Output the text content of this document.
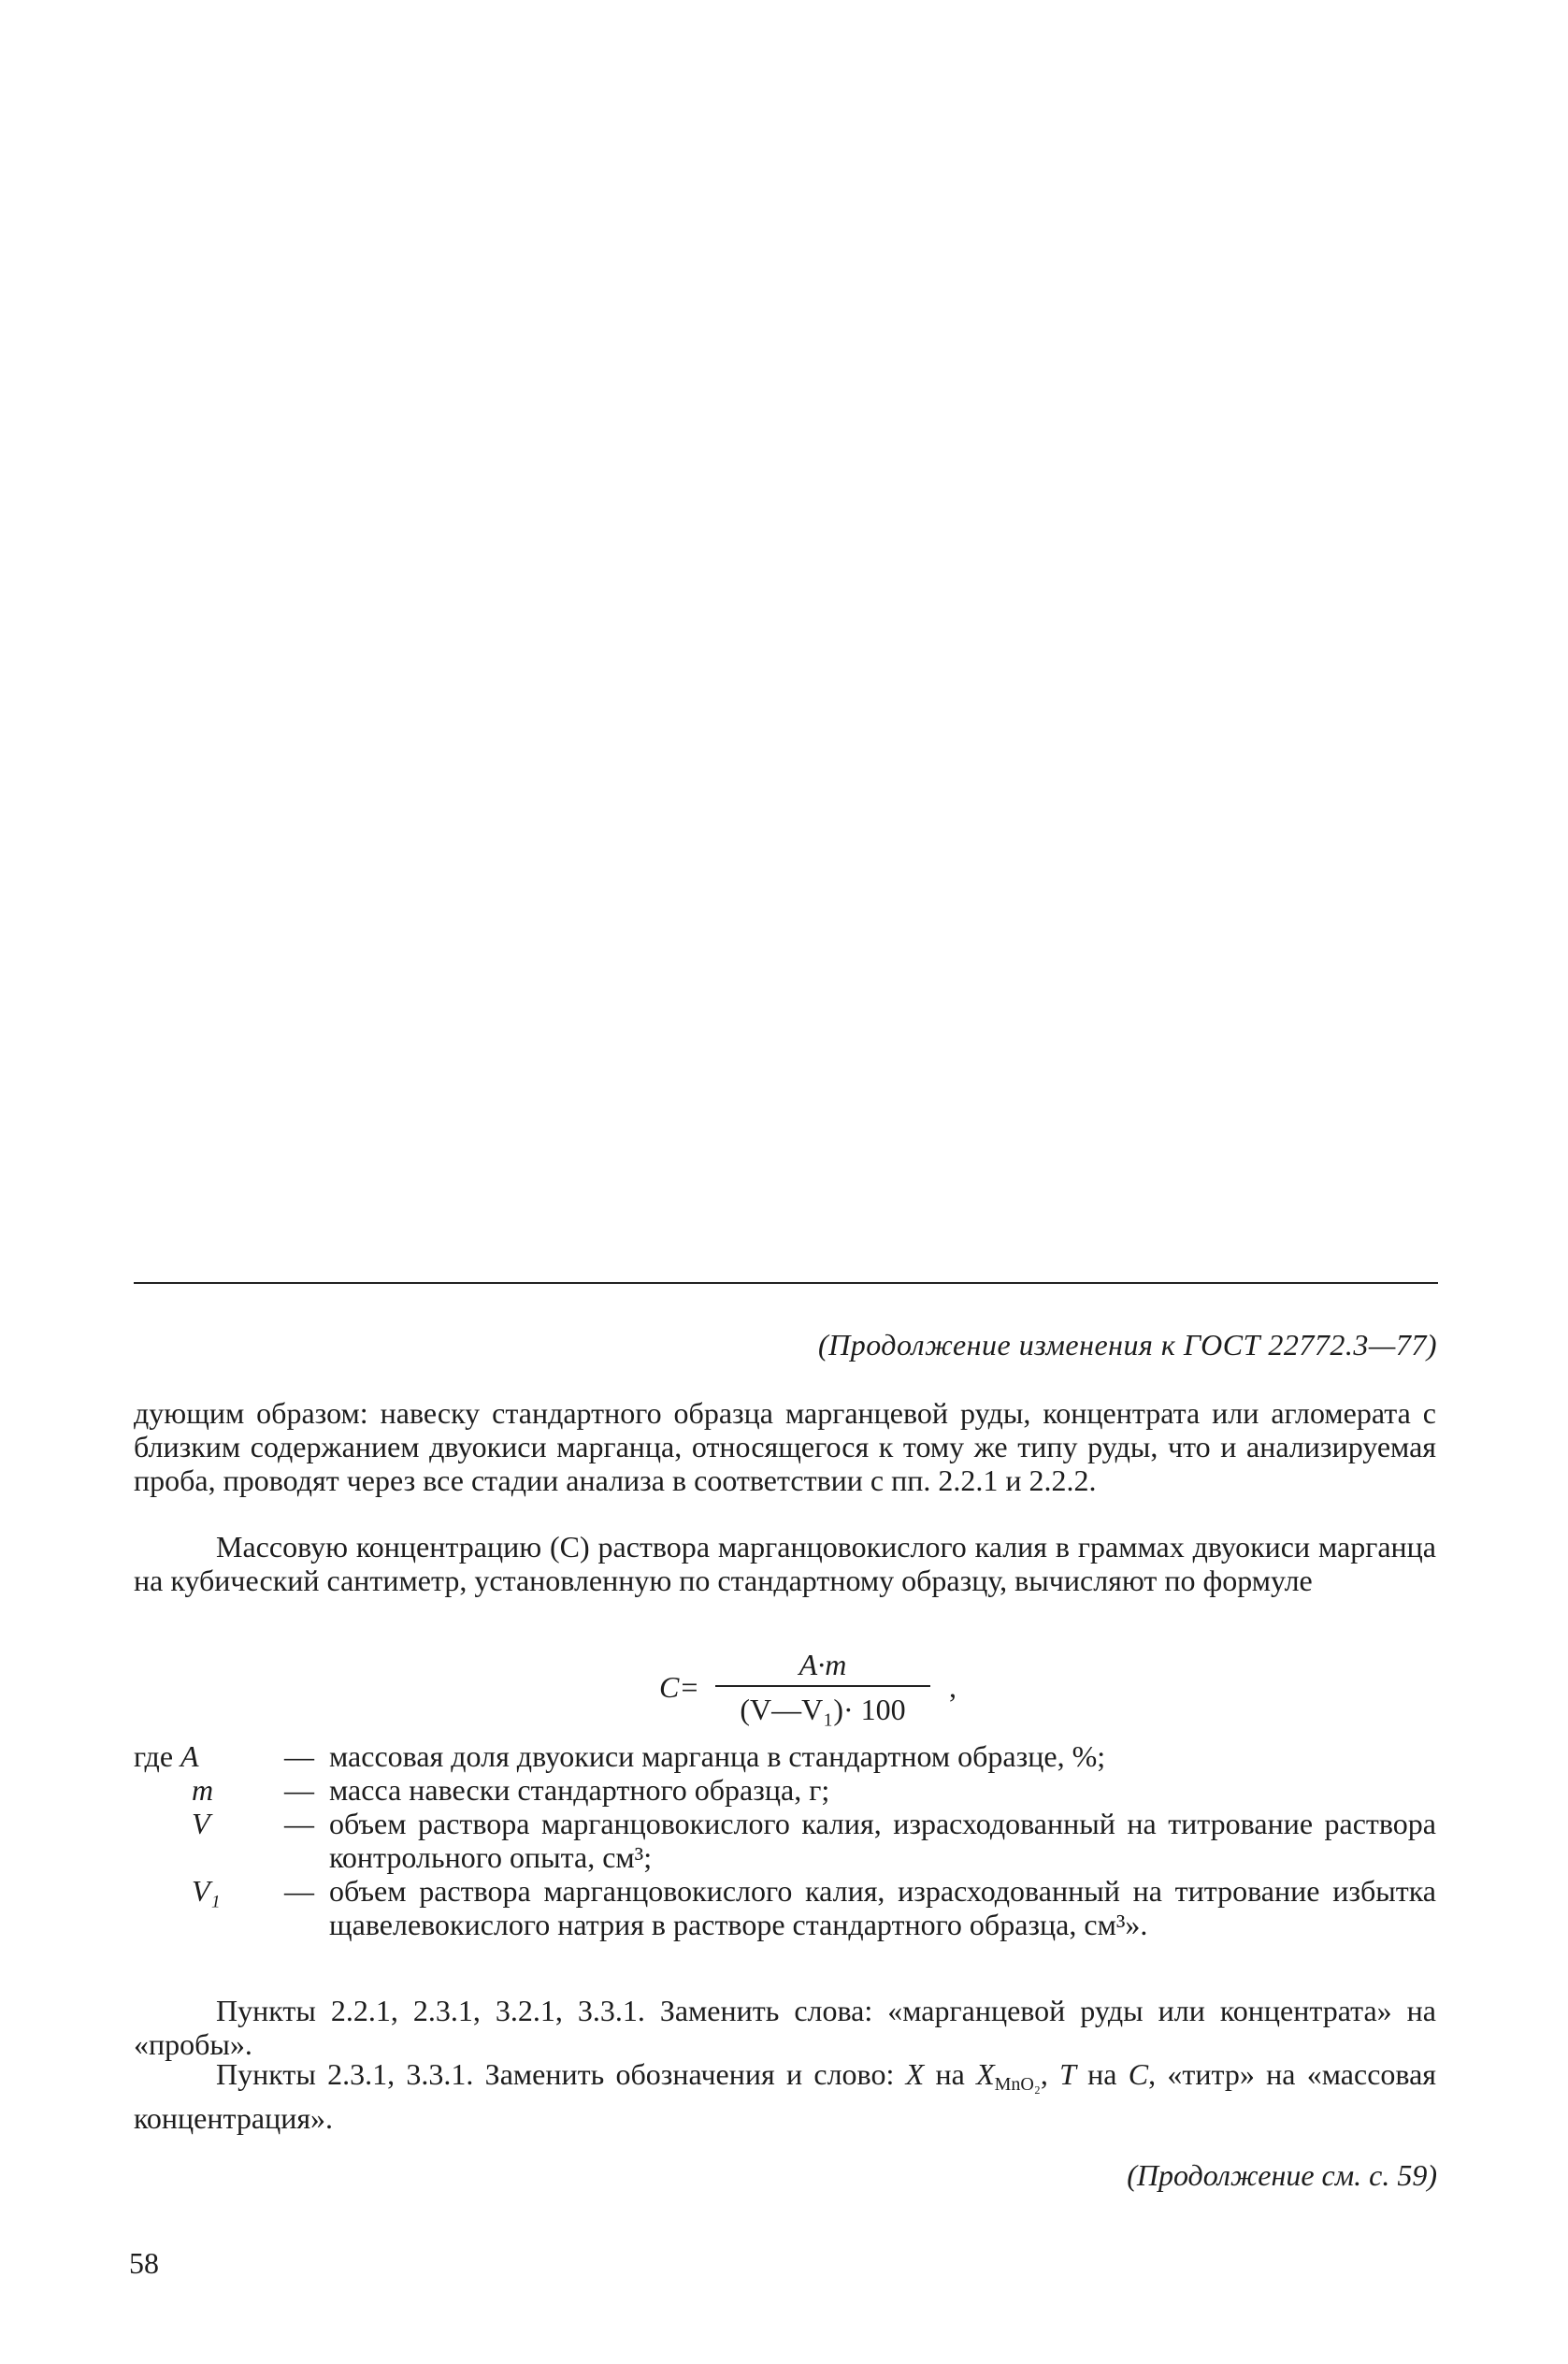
(Продолжение изменения к ГОСТ 22772.3—77)
дующим образом: навеску стандартного образца марганцевой руды, концентрата или агломерата с близким содержанием двуокиси марганца, относящегося к тому же типу руды, что и анализируемая проба, проводят через все стадии анализа в соответствии с пп. 2.2.1 и 2.2.2.
Массовую концентрацию (C) раствора марганцовокислого калия в граммах двуокиси марганца на кубический сантиметр, установленную по стандартному образцу, вычисляют по формуле
C=
A·m
(V—V₁)· 100
,
где A	— массовая доля двуокиси марганца в стандартном образце, %;
m	— масса навески стандартного образца, г;
V	— объем раствора марганцовокислого калия, израсходованный на титрование раствора контрольного опыта, см³;
V₁	— объем раствора марганцовокислого калия, израсходованный на титрование избытка щавелевокислого натрия в растворе стандартного образца, см³».
Пункты 2.2.1, 2.3.1, 3.2.1, 3.3.1. Заменить слова: «марганцевой руды или концентрата» на «пробы».
Пункты 2.3.1, 3.3.1. Заменить обозначения и слово: X на $X_{MnO_2}$, T на C, «титр» на «массовая концентрация».
(Продолжение см. с. 59)
58
